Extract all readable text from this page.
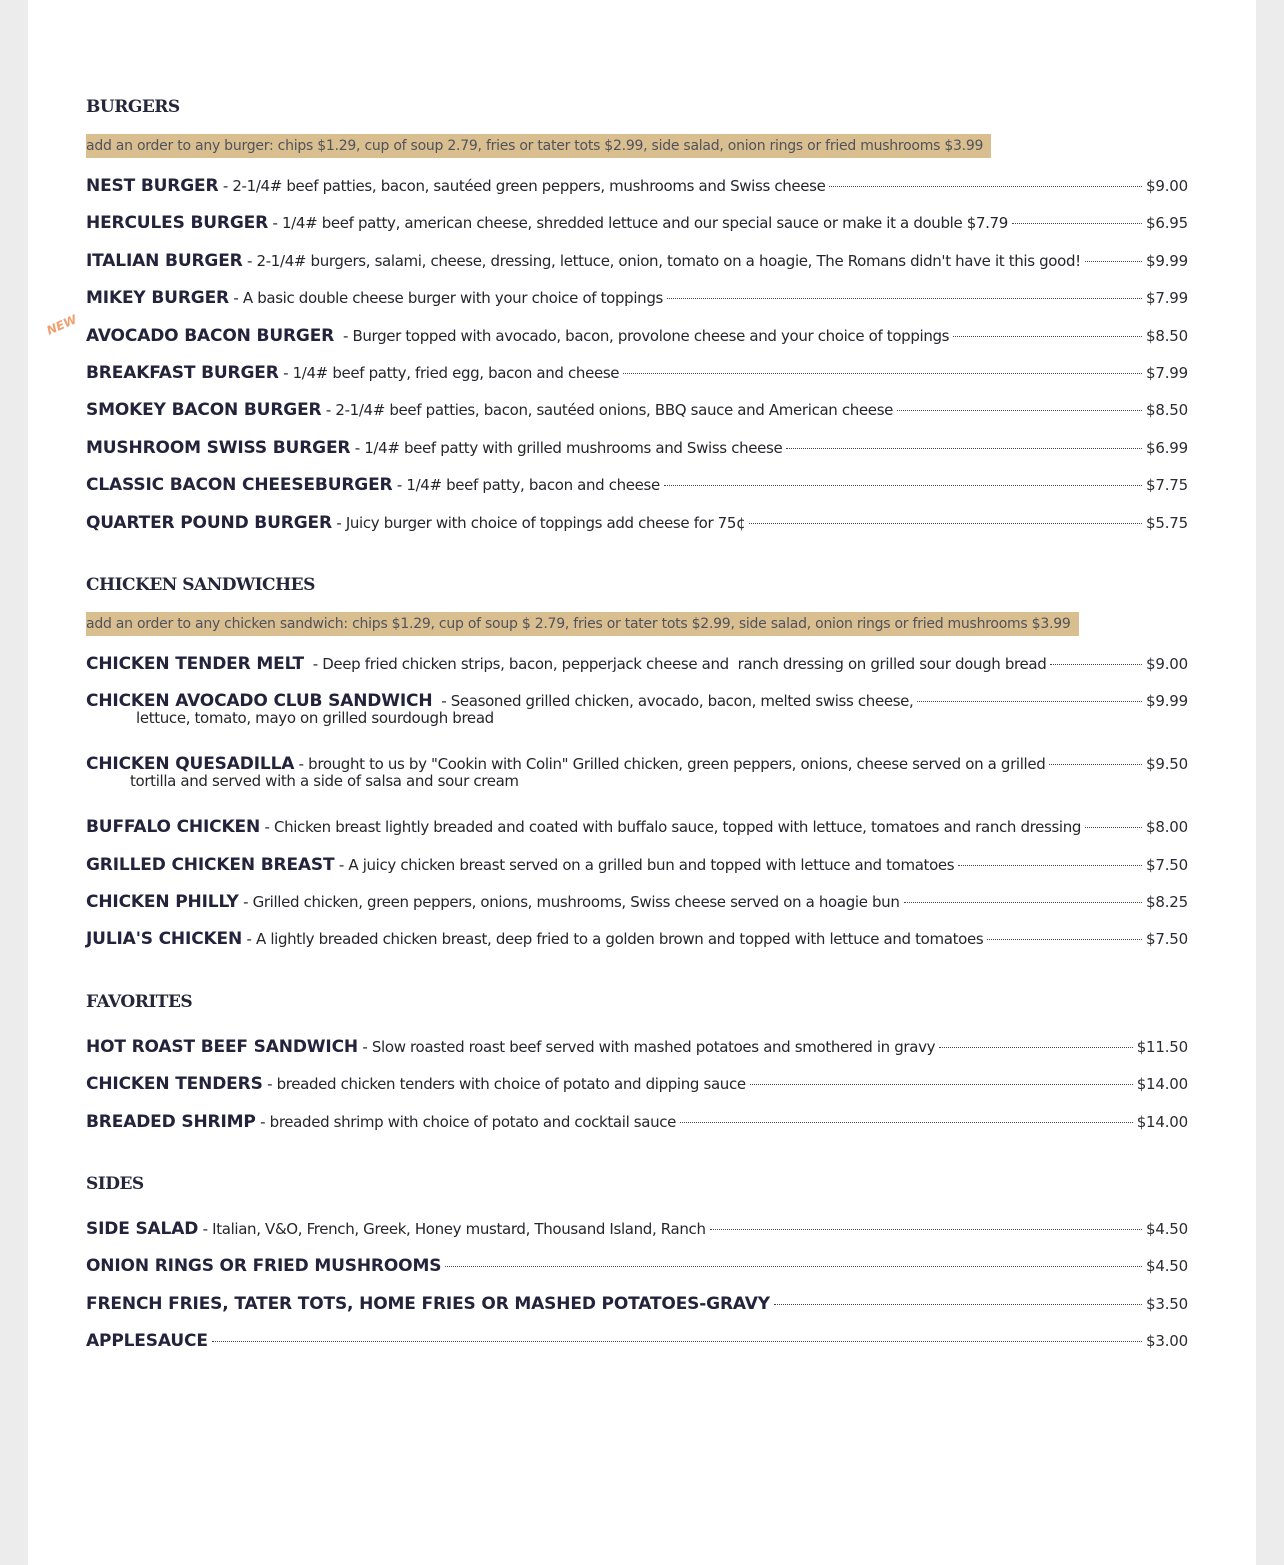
BURGERS
add an order to any burger: chips $1.29, cup of soup 2.79, fries or tater tots $2.99, side salad, onion rings or fried mushrooms $3.99
NEST BURGER - 2-1/4# beef patties, bacon, sautéed green peppers, mushrooms and Swiss cheese	$9.00
HERCULES BURGER - 1/4# beef patty, american cheese, shredded lettuce and our special sauce or make it a double $7.79	$6.95
ITALIAN BURGER - 2-1/4# burgers, salami, cheese, dressing, lettuce, onion, tomato on a hoagie, The Romans didn't have it this good!	$9.99
MIKEY BURGER - A basic double cheese burger with your choice of toppings	$7.99
NEW AVOCADO BACON BURGER - Burger topped with avocado, bacon, provolone cheese and your choice of toppings	$8.50
BREAKFAST BURGER - 1/4# beef patty, fried egg, bacon and cheese	$7.99
SMOKEY BACON BURGER - 2-1/4# beef patties, bacon, sautéed onions, BBQ sauce and American cheese	$8.50
MUSHROOM SWISS BURGER - 1/4# beef patty with grilled mushrooms and Swiss cheese	$6.99
CLASSIC BACON CHEESEBURGER - 1/4# beef patty, bacon and cheese	$7.75
QUARTER POUND BURGER - Juicy burger with choice of toppings add cheese for 75¢	$5.75
CHICKEN SANDWICHES
add an order to any chicken sandwich: chips $1.29, cup of soup $ 2.79, fries or tater tots $2.99, side salad, onion rings or fried mushrooms $3.99
CHICKEN TENDER MELT - Deep fried chicken strips, bacon, pepperjack cheese and  ranch dressing on grilled sour dough bread	$9.00
CHICKEN AVOCADO CLUB SANDWICH - Seasoned grilled chicken, avocado, bacon, melted swiss cheese,	$9.99
lettuce, tomato, mayo on grilled sourdough bread
CHICKEN QUESADILLA - brought to us by "Cookin with Colin" Grilled chicken, green peppers, onions, cheese served on a grilled	$9.50
tortilla and served with a side of salsa and sour cream
BUFFALO CHICKEN - Chicken breast lightly breaded and coated with buffalo sauce, topped with lettuce, tomatoes and ranch dressing	$8.00
GRILLED CHICKEN BREAST - A juicy chicken breast served on a grilled bun and topped with lettuce and tomatoes	$7.50
CHICKEN PHILLY - Grilled chicken, green peppers, onions, mushrooms, Swiss cheese served on a hoagie bun	$8.25
JULIA'S CHICKEN - A lightly breaded chicken breast, deep fried to a golden brown and topped with lettuce and tomatoes	$7.50
FAVORITES
HOT ROAST BEEF SANDWICH - Slow roasted roast beef served with mashed potatoes and smothered in gravy	$11.50
CHICKEN TENDERS - breaded chicken tenders with choice of potato and dipping sauce	$14.00
BREADED SHRIMP - breaded shrimp with choice of potato and cocktail sauce	$14.00
SIDES
SIDE SALAD - Italian, V&O, French, Greek, Honey mustard, Thousand Island, Ranch	$4.50
ONION RINGS OR FRIED MUSHROOMS	$4.50
FRENCH FRIES, TATER TOTS, HOME FRIES OR MASHED POTATOES-GRAVY	$3.50
APPLESAUCE	$3.00
